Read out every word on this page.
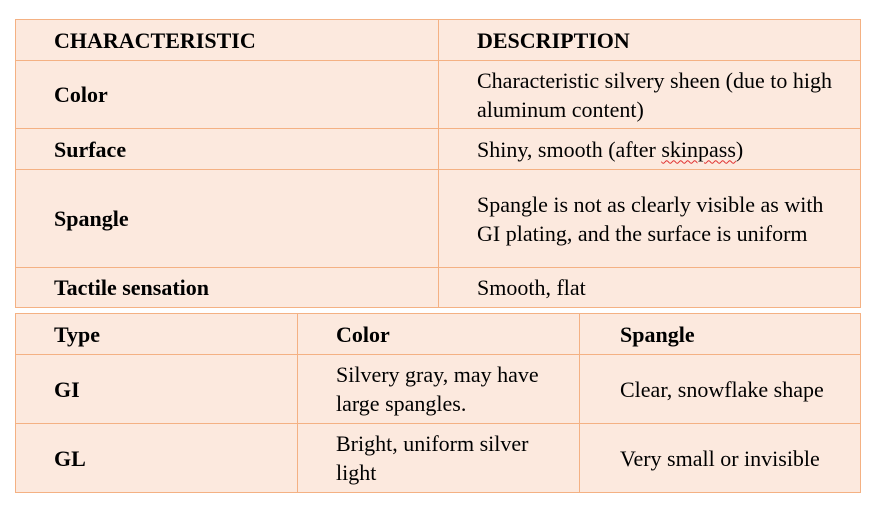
CHARACTERISTIC	DESCRIPTION
Color	Characteristic silvery sheen (due to high aluminum content)
Surface	Shiny, smooth (after skinpass)
Spangle	Spangle is not as clearly visible as with GI plating, and the surface is uniform
Tactile sensation	Smooth, flat
Type	Color	Spangle
GI	Silvery gray, may have large spangles.	Clear, snowflake shape
GL	Bright, uniform silver light	Very small or invisible
